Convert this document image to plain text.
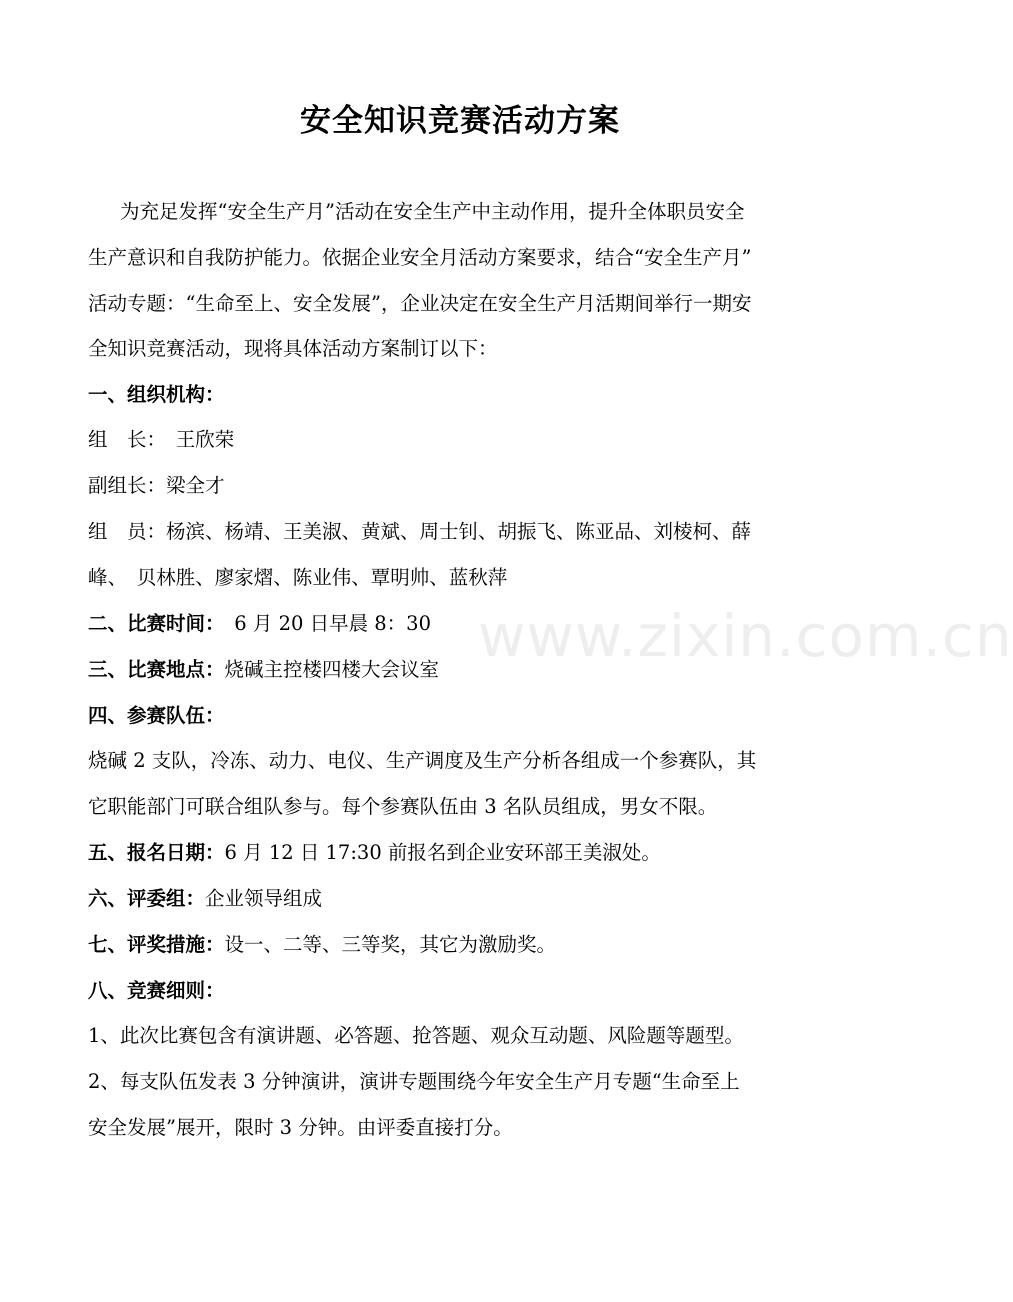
安全知识竞赛活动方案
为充足发挥“安全生产月”活动在安全生产中主动作用，提升全体职员安全
生产意识和自我防护能力。依据企业安全月活动方案要求，结合“安全生产月”
活动专题：“生命至上、安全发展”，企业决定在安全生产月活期间举行一期安
全知识竞赛活动，现将具体活动方案制订以下：
一、组织机构：
组　长：　王欣荣
副组长：梁全才
组　员：杨滨、杨靖、王美淑、黄斌、周士钊、胡振飞、陈亚品、刘棱柯、薛
峰、　贝林胜、廖家熠、陈业伟、覃明帅、蓝秋萍
二、比赛时间：　6 月 20 日早晨 8：30
三、比赛地点：烧碱主控楼四楼大会议室
四、参赛队伍：
烧碱 2 支队，冷冻、动力、电仪、生产调度及生产分析各组成一个参赛队，其
它职能部门可联合组队参与。每个参赛队伍由 3 名队员组成，男女不限。
五、报名日期：6 月 12 日 17:30 前报名到企业安环部王美淑处。
六、评委组：企业领导组成
七、评奖措施：设一、二等、三等奖，其它为激励奖。
八、竞赛细则：
1、此次比赛包含有演讲题、必答题、抢答题、观众互动题、风险题等题型。
2、每支队伍发表 3 分钟演讲，演讲专题围绕今年安全生产月专题“生命至上
安全发展”展开，限时 3 分钟。由评委直接打分。
www.zixin.com.cn
